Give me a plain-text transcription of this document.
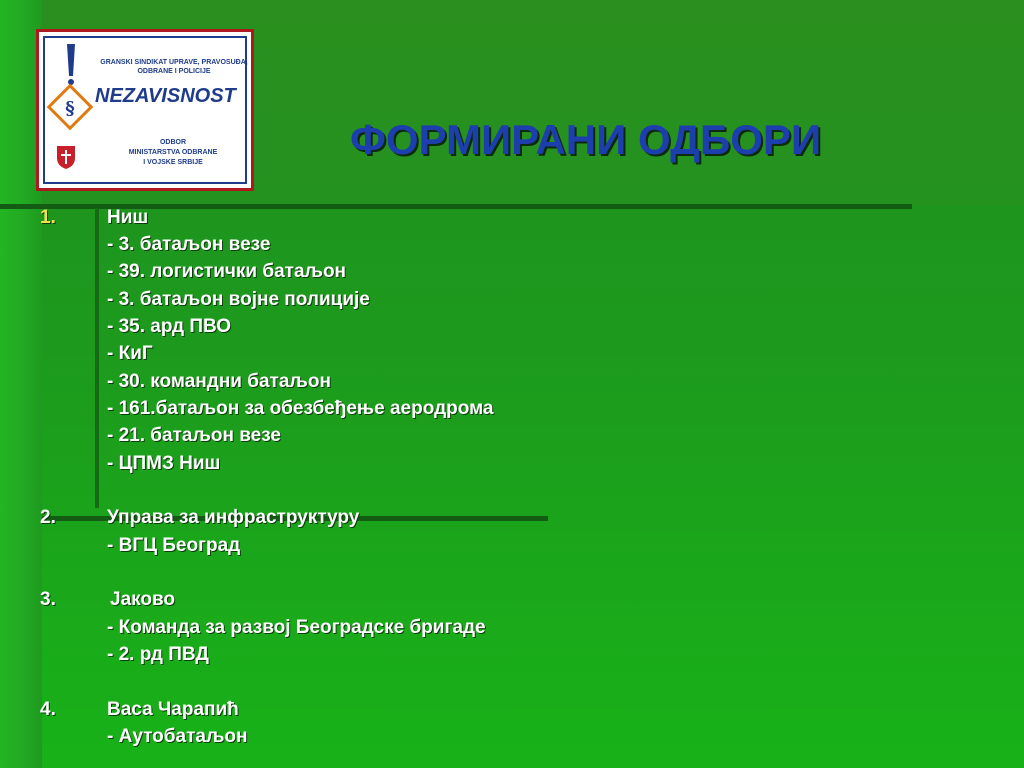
§
GRANSKI SINDIKAT UPRAVE, PRAVOSUĐA, ODBRANE I POLICIJE
NEZAVISNOST
ODBOR
MINISTARSTVA ODBRANE
I VOJSKE SRBIJE	ФОРМИРАНИ ОДБОРИ
1.	Ниш
- 3. батаљон везе
- 39. логистички батаљон
- 3. батаљон војне полиције
- 35. ард ПВО
- КиГ
- 30. командни батаљон
- 161.батаљон за обезбеђење аеродрома
- 21. батаљон везе
- ЦПМЗ Ниш
2.	Управа за инфраструктуру
- ВГЦ Београд
3.	Јаково
- Команда за развој Београдске бригаде
- 2. рд ПВД
4.	Васа Чарапић
- Аутобатаљон
